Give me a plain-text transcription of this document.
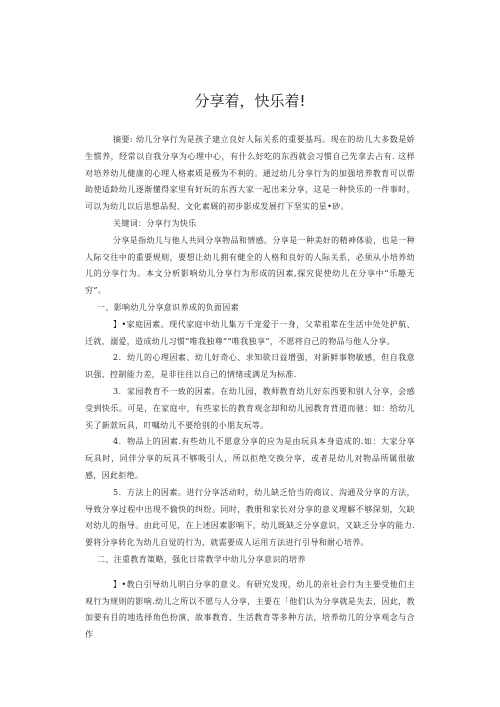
分享着，快乐着!

摘要: 幼儿分享行为是孩子建立良好人际关系的重要基玛。现在的幼儿大多数是娇生惯养，经常以自我分享为心理中心，有什么好吃的东西就会习惯自己先拿去占有. 这样对培养幼儿健康的心理人格素质是极为不利的。通过幼儿分享行为的加强培养教育可以帮助使适龄幼儿逐渐懂得家里有好玩的东西大家一起出来分享，这是一种快乐的一件事时，可以为幼儿以后思想品倪、文化素厩的初步影成发展打下坚实的星•砂。

关键词：分享行为快乐

分享是指幼儿与他人共同分享物品和情感。分享是一种美好的精神体验，也是一种人际交往中的重要规则，要想让幼儿拥有健全的人格和良好的人际关系，必须从小培养幼儿的分享行为。本文分析影响幼儿分享行为形成的因素,探究促使幼儿在分享中“乐趣无穷”。

一、影响幼儿分享意识养成的负面因素

】•家庭因素。现代家庭中幼儿集万千宠爱于一身，父辈祖辈在生活中处处护航、迁就，溺爱，造成幼儿习惯“唯我独尊”“唯我独享”，不愿将自己的物品与他人分享。

2．幼儿的心理因素、幼儿好奇心、求知欲日益增强，对新鲜事物敏感，但自我意识强、控制能力差，是非往往以自己的情绪或满足为标准.

3．家园教育不一致的因素。在幼儿园，教师教育幼儿好东西要和别人分享，会感受到快乐。可是，在家庭中，有些家长的教育观念却和幼儿园教育背道而驰：如：给幼儿买了新款玩具，叮嘱幼儿不要给别的小朋友玩等。

4．物品上的因素.有些幼儿不愿意分享的应为是由玩具本身造成的.如：大家分享玩具时，同伴分享的玩具不够吸引人，所以拒绝交换分享，或者是幼儿对物品所属很敏感，因此拒绝。

5．方法上的因素。进行分享活动时，幼儿缺乏恰当的商议、沟通及分享的方法，导致分享过程中出现不愉快的纠纷。同时，教册和家长对分享的意义理解不够深刻，欠缺对幼儿的指导。由此可见，在上述因素影响下，幼儿既缺乏分享意识，又缺乏分享的能力.要将分享转化为幼儿自觉的行为，就需要成人运用方法进行引导和耐心培养。

二、注重教育策略，强化日常教学中幼儿分享意识的培养

】•教白引导幼儿明白分享的意义。有研究发现，幼儿的亲社会行为主要受他们主观行为规则的影响.幼儿之所以不愿与人分享，主要在「他们认为分享就是失去，因此，教加要有目的地选择角色扮演、故事教育、生活教育等多种方法，培养幼儿的分享观念与合作
